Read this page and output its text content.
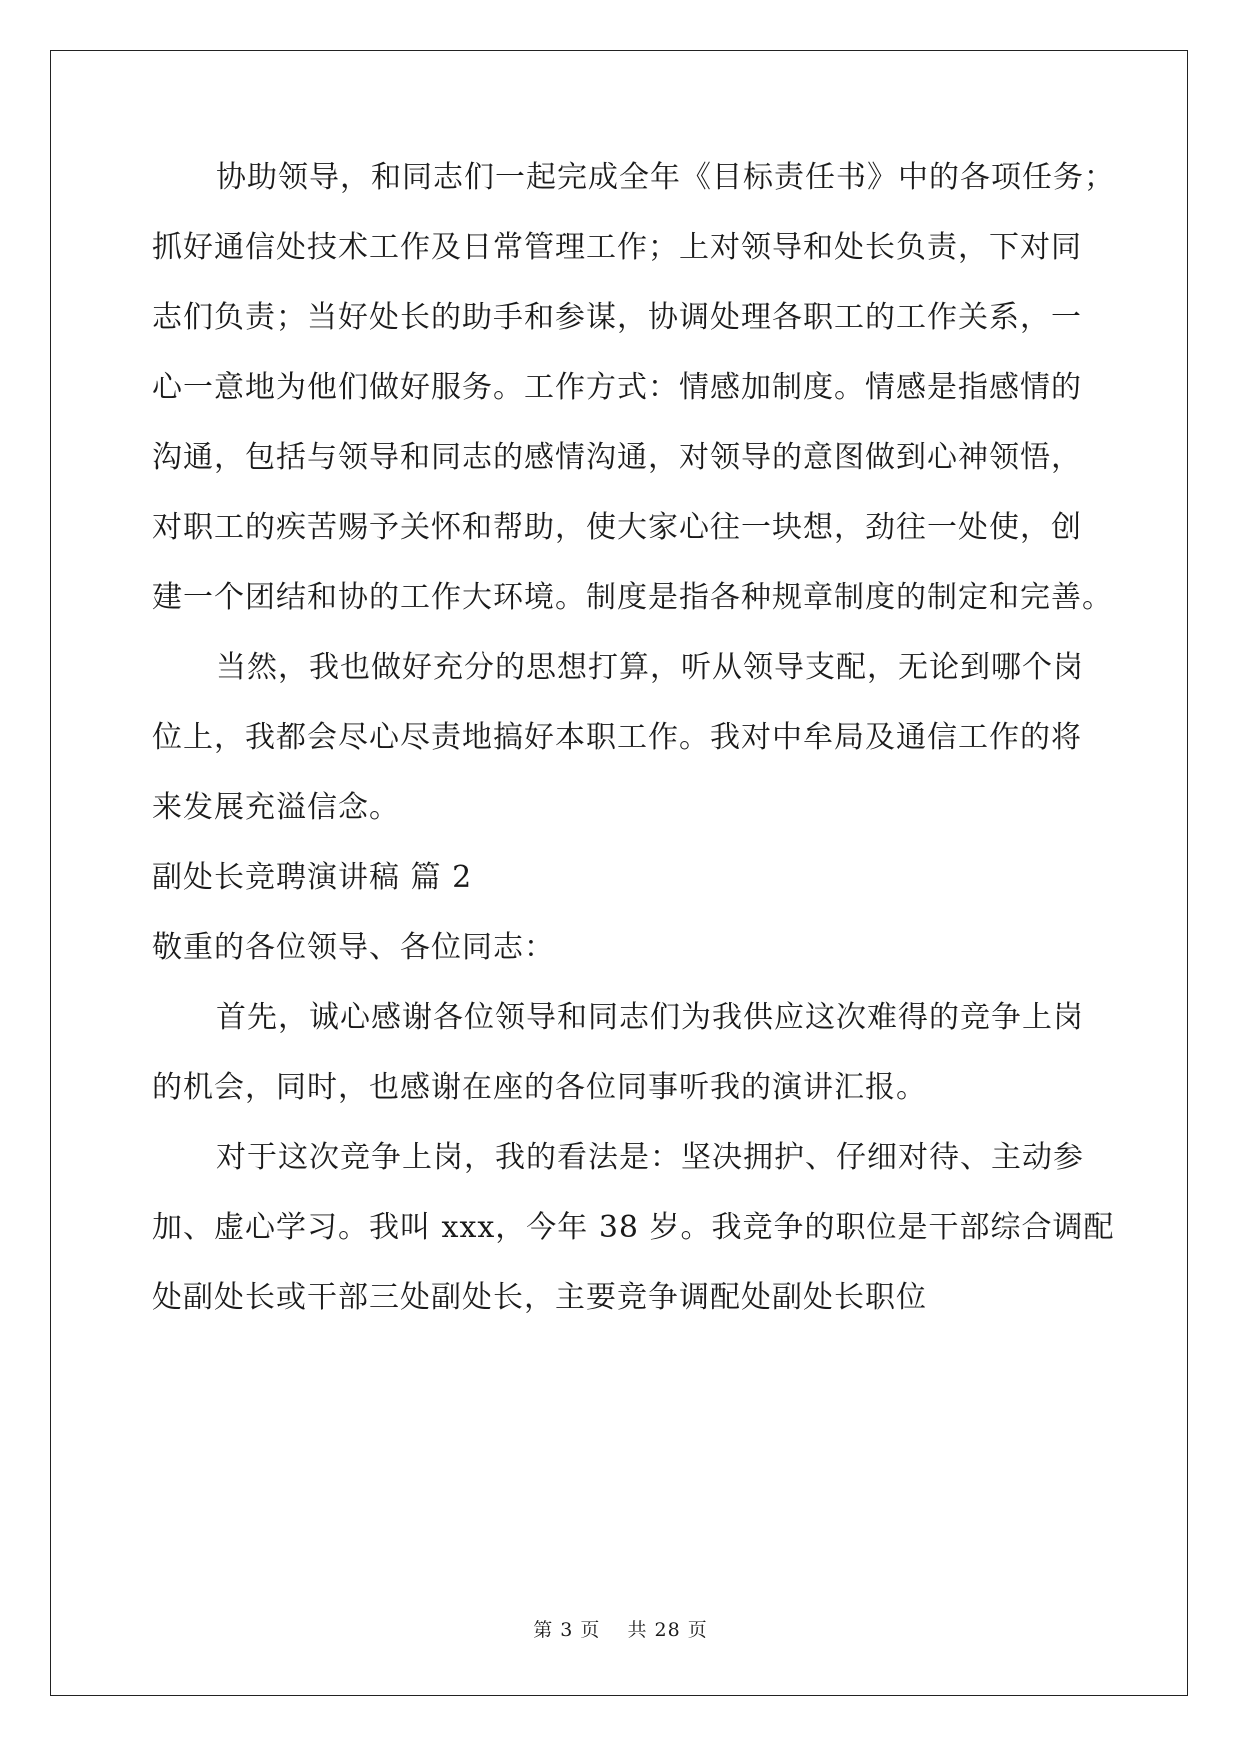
协助领导，和同志们一起完成全年《目标责任书》中的各项任务；
抓好通信处技术工作及日常管理工作；上对领导和处长负责，下对同
志们负责；当好处长的助手和参谋，协调处理各职工的工作关系，一
心一意地为他们做好服务。工作方式：情感加制度。情感是指感情的
沟通，包括与领导和同志的感情沟通，对领导的意图做到心神领悟，
对职工的疾苦赐予关怀和帮助，使大家心往一块想，劲往一处使，创
建一个团结和协的工作大环境。制度是指各种规章制度的制定和完善。
当然，我也做好充分的思想打算，听从领导支配，无论到哪个岗
位上，我都会尽心尽责地搞好本职工作。我对中牟局及通信工作的将
来发展充溢信念。
副处长竞聘演讲稿 篇 2
敬重的各位领导、各位同志：
首先，诚心感谢各位领导和同志们为我供应这次难得的竞争上岗
的机会，同时，也感谢在座的各位同事听我的演讲汇报。
对于这次竞争上岗，我的看法是：坚决拥护、仔细对待、主动参
加、虚心学习。我叫 xxx，今年 38 岁。我竞争的职位是干部综合调配
处副处长或干部三处副处长，主要竞争调配处副处长职位
第 3 页　 共 28 页
